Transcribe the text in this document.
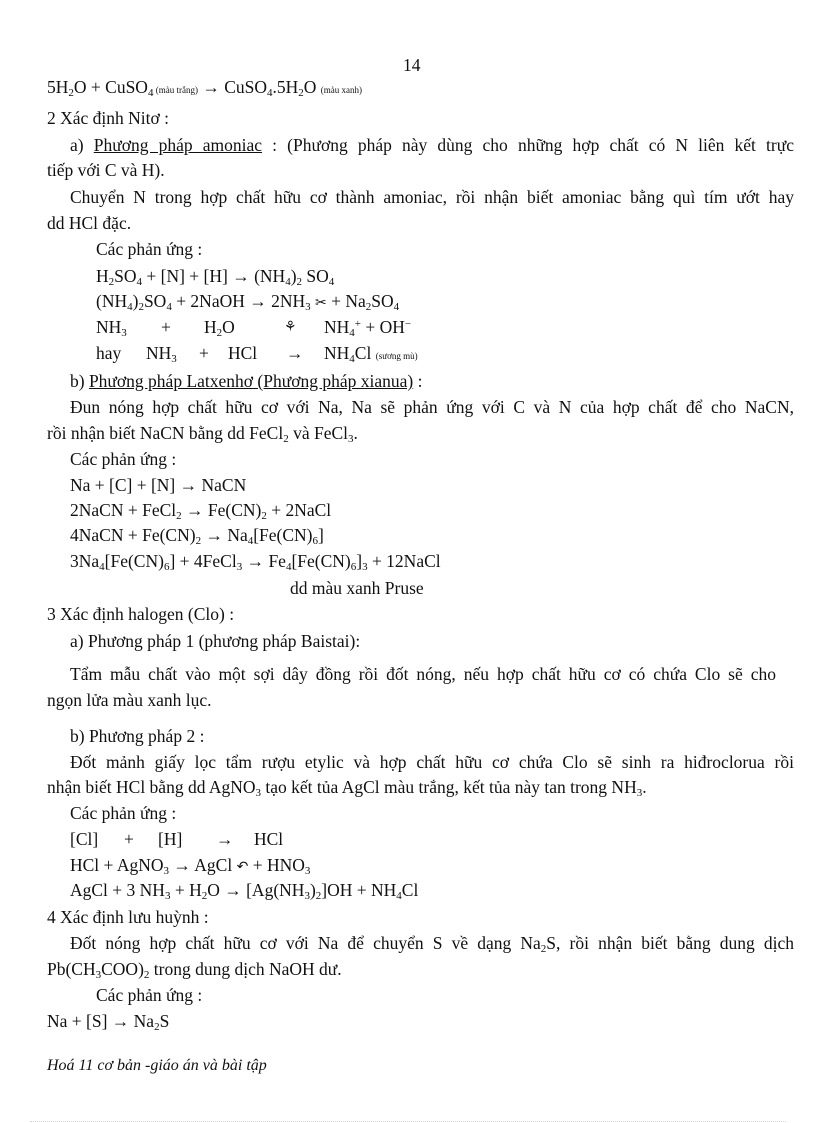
14
$5H_2O$ + CuSO$_4$ (màu trắng) → $CuSO_4.5H_2O$ (màu xanh)
2 Xác định Nitơ :
a) Phương pháp amoniac : (Phương pháp này dùng cho những hợp chất có N liên kết trực
tiếp với C và H).
Chuyển N trong hợp chất hữu cơ thành amoniac, rồi nhận biết amoniac bằng quì tím ướt hay
dd HCl đặc.
Các phản ứng :
$H_2SO_4 + [N] + [H] \to (NH_4)_2$ $SO_4$
$(NH_4)_2SO_4$ + 2NaOH → $2NH_3$ ✂ + $Na_2SO_4$
$NH_3 + H_2O$	⚘ $NH_4^+ + OH^-$
hay $NH_3$ + HCl → $NH_4Cl$ (sương mù)
b) Phương pháp Latxenhơ (Phương pháp xianua) :
Đun nóng hợp chất hữu cơ với Na, Na sẽ phản ứng với C và N của hợp chất để cho NaCN,
rồi nhận biết NaCN bằng dd FeCl$_2$ và FeCl$_3$.
Các phản ứng :
Na + [C] + [N] → NaCN
2NaCN + FeCl$_2$ → $Fe(CN)_2$ + 2NaCl
4NaCN + $Fe(CN)_2 \to Na_4[Fe(CN)_6]$
$3Na_4[Fe(CN)_6]$ + 4FeCl$_3$ → $Fe_4[Fe(CN)_6]_3$ + 12NaCl
dd màu xanh Pruse
3 Xác định halogen (Clo) :
a) Phương pháp 1 (phương pháp Baistai):
Tẩm mẫu chất vào một sợi dây đồng rồi đốt nóng, nếu hợp chất hữu cơ có chứa Clo sẽ cho
ngọn lửa màu xanh lục.
b) Phương pháp 2 :
Đốt mảnh giấy lọc tẩm rượu etylic và hợp chất hữu cơ chứa Clo sẽ sinh ra hiđroclorua rồi
nhận biết HCl bằng dd AgNO$_3$ tạo kết tủa AgCl màu trắng, kết tủa này tan trong $NH_3$.
Các phản ứng :
[Cl] + [H] → HCl
HCl + AgNO$_3$ → AgCl ↶ + $HNO_3$
AgCl + 3 $NH_3 + H_2O \to [Ag(NH_3)_2]OH + NH_4Cl$
4 Xác định lưu huỳnh :
Đốt nóng hợp chất hữu cơ với Na để chuyển S về dạng $Na_2S$, rồi nhận biết bằng dung dịch
$Pb(CH_3COO)_2$ trong dung dịch NaOH dư.
Các phản ứng :
$Na + [S] \to Na_2S$
Hoá 11 cơ bản -giáo án và bài tập
